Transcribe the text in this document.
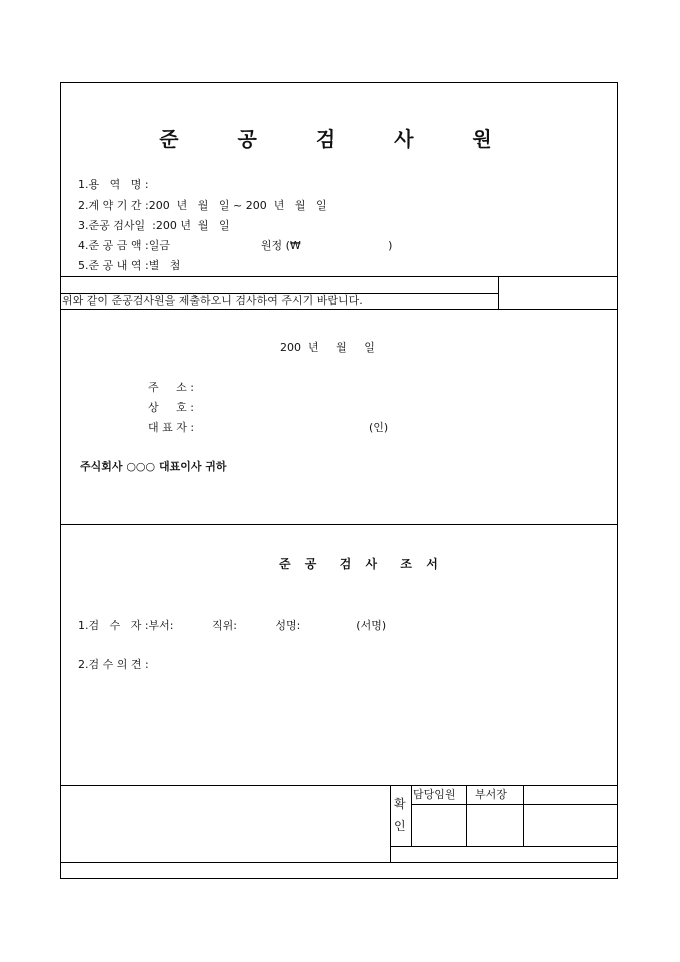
준 공 검 사 원
1.용   역   명 :
2.계 약 기 간 :200  년   월   일 ~ 200  년   월   일
3.준공 검사일  :200 년  월   일
4.준 공 금 액 :일금                          원정 (₩                         )
5.준 공 내 역 :별   첨
위와 같이 준공검사원을 제출하오니 검사하여 주시기 바랍니다.
200  년     월     일
주     소 :
상     호 :
대 표 자 :	(인)
주식회사 ○○○ 대표이사 귀하
준 공  검 사  조 서
1.검   수   자 :부서:           직위:           성명:                (서명)
2.검 수 의 견 :
확
인
담당임원 부서장
